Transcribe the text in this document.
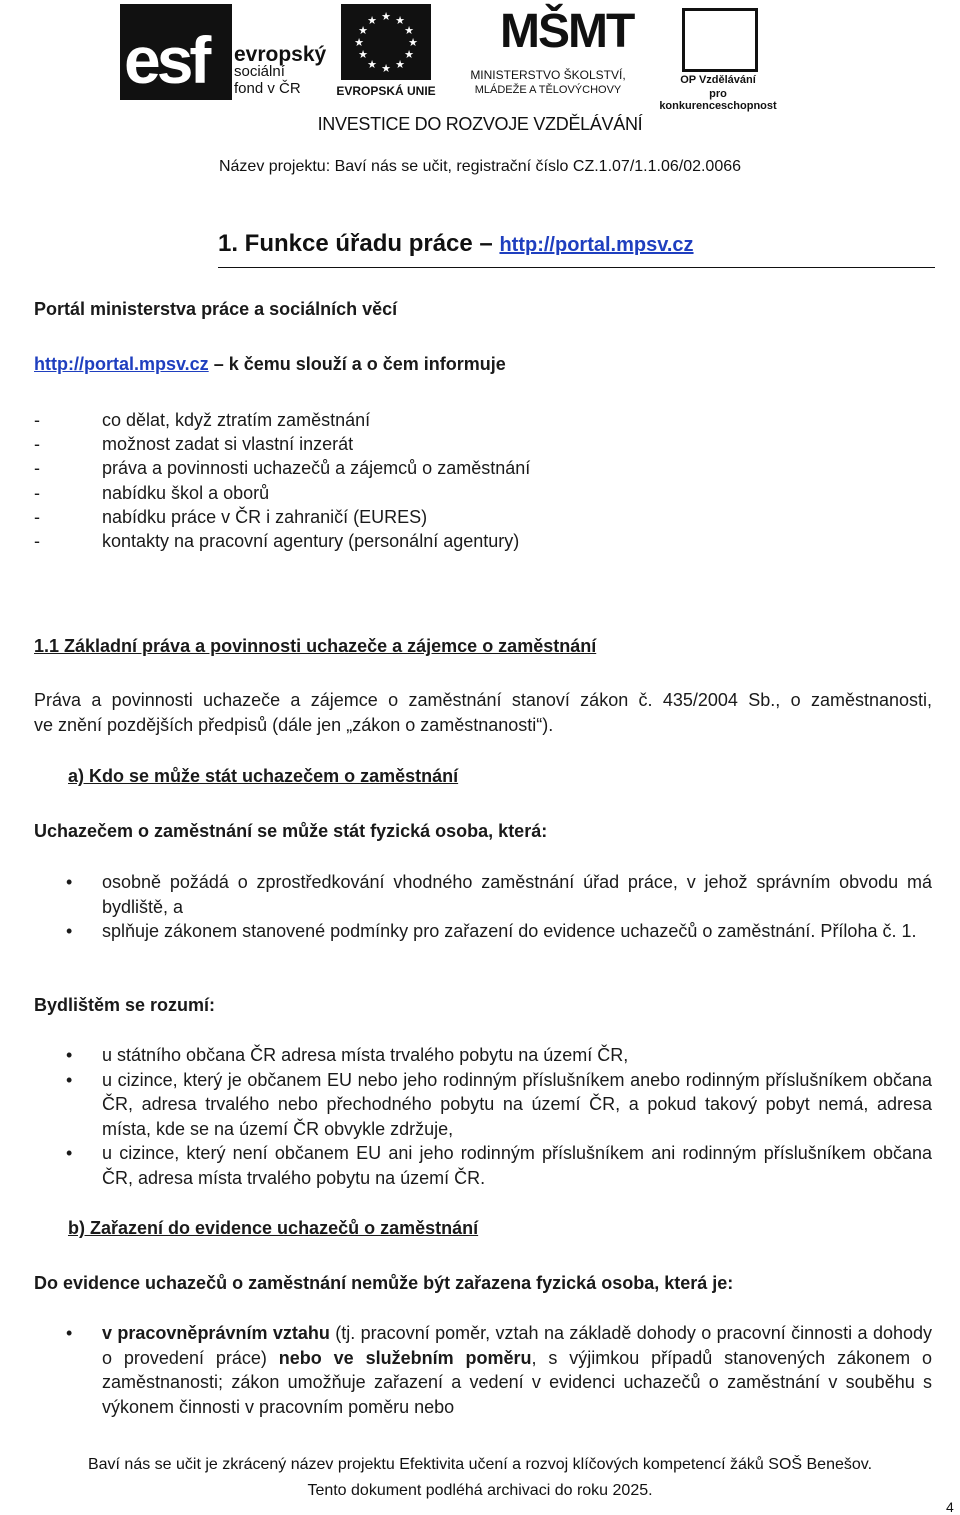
esf evropský
sociální
fond v ČR
★ ★
★
★
★
★
★
★
★
★
★
★
EVROPSKÁ UNIE
MŠMT
MINISTERSTVO ŠKOLSTVÍ,
MLÁDEŽE A TĚLOVÝCHOVY
OP Vzdělávání
pro konkurenceschopnost
INVESTICE DO ROZVOJE VZDĚLÁVÁNÍ
Název projektu: Baví nás se učit, registrační číslo CZ.1.07/1.1.06/02.0066
1. Funkce úřadu práce – http://portal.mpsv.cz
Portál ministerstva práce a sociálních věcí
http://portal.mpsv.cz – k čemu slouží a o čem informuje
- co dělat, když ztratím zaměstnání
- možnost zadat si vlastní inzerát
- práva a povinnosti uchazečů a zájemců o zaměstnání
- nabídku škol a oborů
- nabídku práce v ČR i zahraničí (EURES)
- kontakty na pracovní agentury (personální agentury)
1.1 Základní práva a povinnosti uchazeče a zájemce o zaměstnání
Práva a povinnosti uchazeče a zájemce o zaměstnání stanoví zákon č. 435/2004 Sb., o zaměstnanosti,
ve znění pozdějších předpisů (dále jen „zákon o zaměstnanosti“).
a) Kdo se může stát uchazečem o zaměstnání
Uchazečem o zaměstnání se může stát fyzická osoba, která:
• osobně požádá o zprostředkování vhodného zaměstnání úřad práce, v jehož správním obvodu má bydliště, a
• splňuje zákonem stanovené podmínky pro zařazení do evidence uchazečů o zaměstnání. Příloha č. 1.
Bydlištěm se rozumí:
• u státního občana ČR adresa místa trvalého pobytu na území ČR,
• u cizince, který je občanem EU nebo jeho rodinným příslušníkem anebo rodinným příslušníkem občana ČR, adresa trvalého nebo přechodného pobytu na území ČR, a pokud takový pobyt nemá, adresa místa, kde se na území ČR obvykle zdržuje,
• u cizince, který není občanem EU ani jeho rodinným příslušníkem ani rodinným příslušníkem občana ČR, adresa místa trvalého pobytu na území ČR.
b) Zařazení do evidence uchazečů o zaměstnání
Do evidence uchazečů o zaměstnání nemůže být zařazena fyzická osoba, která je:
• v pracovněprávním vztahu (tj. pracovní poměr, vztah na základě dohody o pracovní činnosti a dohody o provedení práce) nebo ve služebním poměru, s výjimkou případů stanovených zákonem o zaměstnanosti; zákon umožňuje zařazení a vedení v evidenci uchazečů o zaměstnání v souběhu s výkonem činnosti v pracovním poměru nebo
Baví nás se učit je zkrácený název projektu Efektivita učení a rozvoj klíčových kompetencí žáků SOŠ Benešov.
Tento dokument podléhá archivaci do roku 2025.
4
